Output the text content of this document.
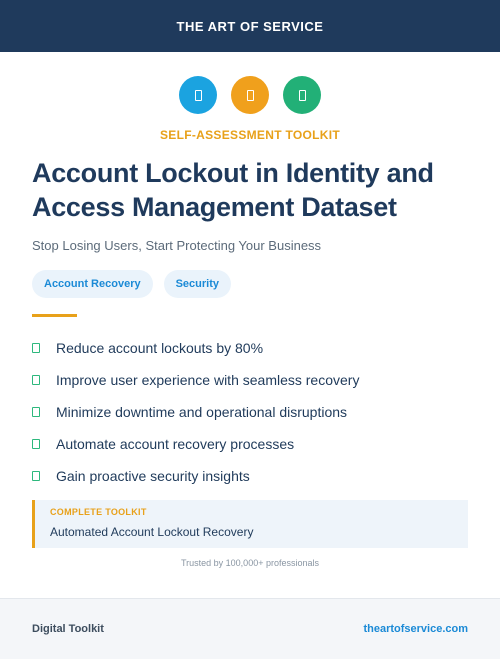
THE ART OF SERVICE
SELF-ASSESSMENT TOOLKIT
Account Lockout in Identity and Access Management Dataset

Stop Losing Users, Start Protecting Your Business

Account Recovery	Security
Reduce account lockouts by 80%
Improve user experience with seamless recovery
Minimize downtime and operational disruptions
Automate account recovery processes
Gain proactive security insights
COMPLETE TOOLKIT
Automated Account Lockout Recovery
Trusted by 100,000+ professionals
Digital Toolkit	theartofservice.com
